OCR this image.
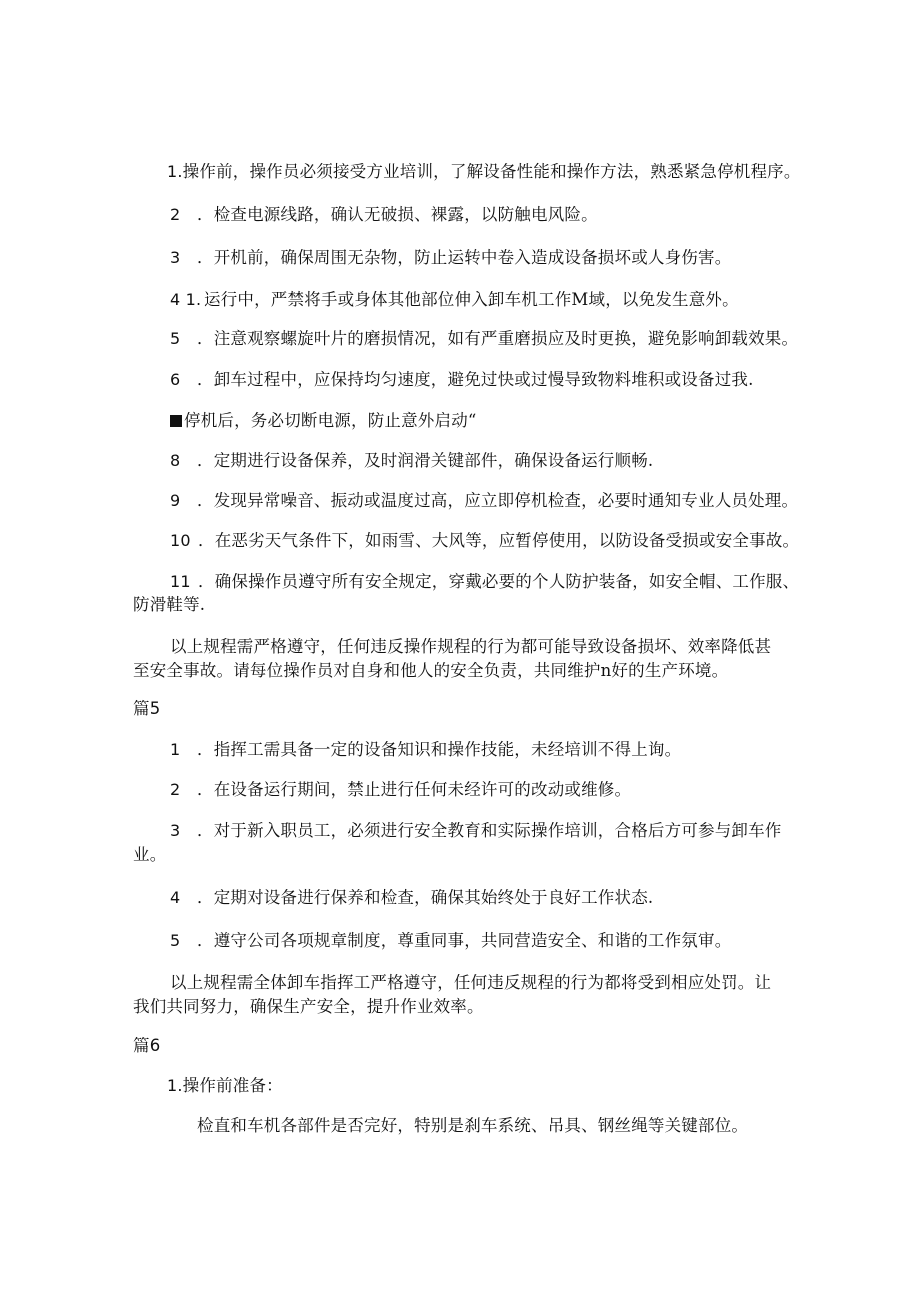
1.操作前，操作员必须接受方业培训，了解设备性能和操作方法，熟悉紧急停机程序。
2 ．检查电源线路，确认无破损、裸露，以防触电风险。
3 ．开机前，确保周围无杂物，防止运转中卷入造成设备损坏或人身伤害。
4 1. 运行中，严禁将手或身体其他部位伸入卸车机工作M域，以免发生意外。
5 ．注意观察螺旋叶片的磨损情况，如有严重磨损应及时更换，避免影响卸载效果。
6 ．卸车过程中，应保持均匀速度，避免过快或过慢导致物料堆积或设备过我.
停机后，务必切断电源，防止意外启动“
8 ．定期进行设备保养，及时润滑关键部件，确保设备运行顺畅.
9 ．发现异常噪音、振动或温度过高，应立即停机检查，必要时通知专业人员处理。
10 ．在恶劣天气条件下，如雨雪、大风等，应暂停使用，以防设备受损或安全事故。
11 ．确保操作员遵守所有安全规定，穿戴必要的个人防护装备，如安全帽、工作服、
防滑鞋等.
以上规程需严格遵守，任何违反操作规程的行为都可能导致设备损坏、效率降低甚
至安全事故。请每位操作员对自身和他人的安全负责，共同维护n好的生产环境。
篇5
1 ．指挥工需具备一定的设备知识和操作技能，未经培训不得上询。
2 ．在设备运行期间，禁止进行任何未经许可的改动或维修。
3 ．对于新入职员工，必须进行安全教育和实际操作培训，合格后方可参与卸车作
业。
4 ．定期对设备进行保养和检查，确保其始终处于良好工作状态.
5 ．遵守公司各项规章制度，尊重同事，共同营造安全、和谐的工作氛审。
以上规程需全体卸车指挥工严格遵守，任何违反规程的行为都将受到相应处罚。让
我们共同努力，确保生产安全，提升作业效率。
篇6
1.操作前准备：
检直和车机各部件是否完好，特别是刹车系统、吊具、钢丝绳等关键部位。
